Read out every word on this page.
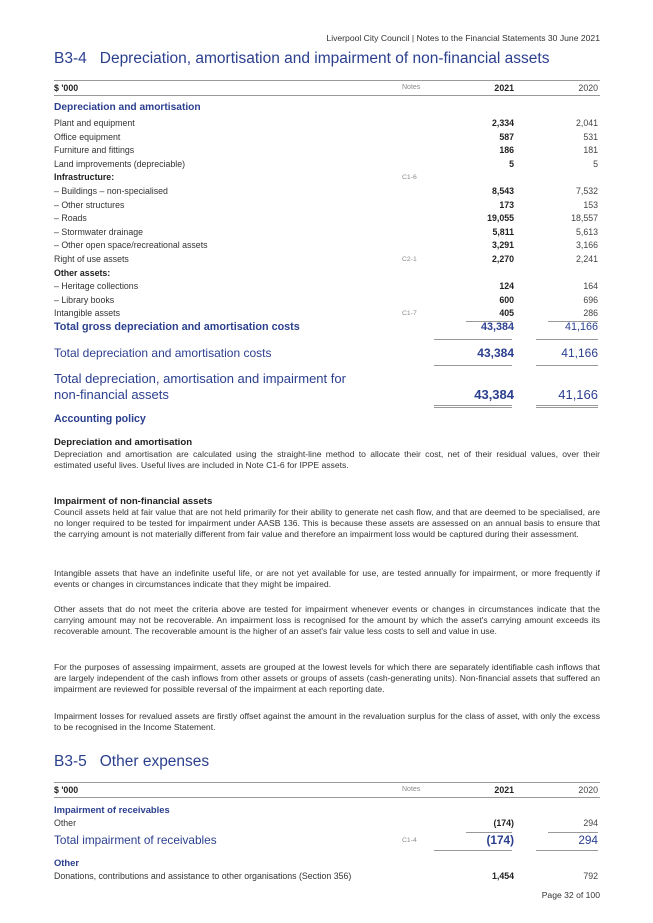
Liverpool City Council | Notes to the Financial Statements 30 June 2021
B3-4 Depreciation, amortisation and impairment of non-financial assets
$ '000	Notes	2021	2020
Depreciation and amortisation
Plant and equipment	2,334	2,041
Office equipment	587	531
Furniture and fittings	186	181
Land improvements (depreciable)	5	5
Infrastructure:	C1-6
– Buildings – non-specialised	8,543	7,532
– Other structures	173	153
– Roads	19,055	18,557
– Stormwater drainage	5,811	5,613
– Other open space/recreational assets	3,291	3,166
Right of use assets	C2-1	2,270	2,241
Other assets:
– Heritage collections	124	164
– Library books	600	696
Intangible assets	C1-7	405	286
Total gross depreciation and amortisation costs	43,384	41,166
Total depreciation and amortisation costs	43,384	41,166
Total depreciation, amortisation and impairment for
non-financial assets	43,384	41,166
Accounting policy
Depreciation and amortisation

Depreciation and amortisation are calculated using the straight-line method to allocate their cost, net of their residual values, over their estimated useful lives. Useful lives are included in Note C1-6 for IPPE assets.

Impairment of non-financial assets

Council assets held at fair value that are not held primarily for their ability to generate net cash flow, and that are deemed to be specialised, are no longer required to be tested for impairment under AASB 136. This is because these assets are assessed on an annual basis to ensure that the carrying amount is not materially different from fair value and therefore an impairment loss would be captured during their assessment.

Intangible assets that have an indefinite useful life, or are not yet available for use, are tested annually for impairment, or more frequently if events or changes in circumstances indicate that they might be impaired.

Other assets that do not meet the criteria above are tested for impairment whenever events or changes in circumstances indicate that the carrying amount may not be recoverable. An impairment loss is recognised for the amount by which the asset's carrying amount exceeds its recoverable amount. The recoverable amount is the higher of an asset's fair value less costs to sell and value in use.

For the purposes of assessing impairment, assets are grouped at the lowest levels for which there are separately identifiable cash inflows that are largely independent of the cash inflows from other assets or groups of assets (cash-generating units). Non-financial assets that suffered an impairment are reviewed for possible reversal of the impairment at each reporting date.

Impairment losses for revalued assets are firstly offset against the amount in the revaluation surplus for the class of asset, with only the excess to be recognised in the Income Statement.

B3-5 Other expenses
$ '000	Notes	2021	2020
Impairment of receivables
Other	(174)	294
Total impairment of receivables	C1-4	(174)	294
Other
Donations, contributions and assistance to other organisations (Section 356)	1,454	792
Page 32 of 100
